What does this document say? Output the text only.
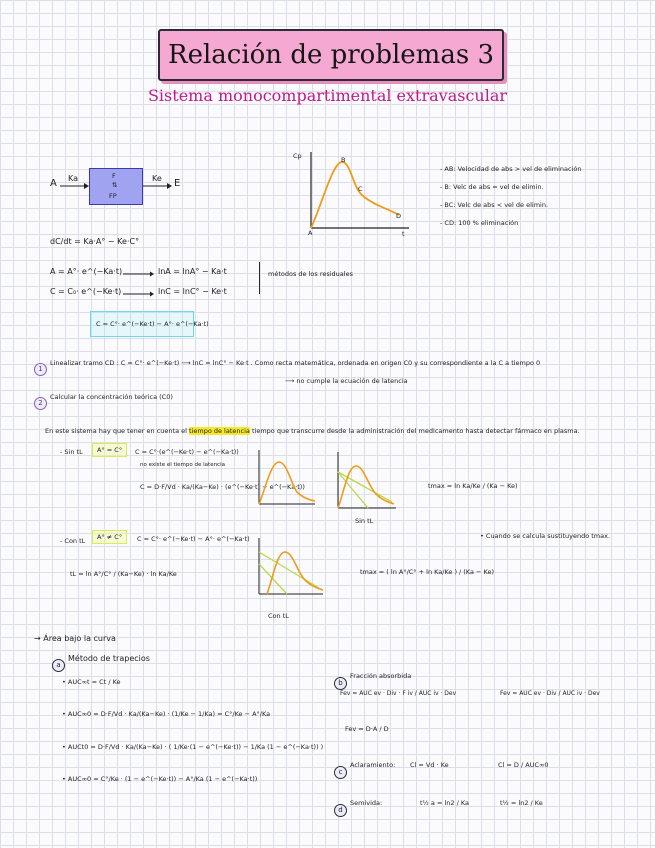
Relación de problemas 3
Sistema monocompartimental extravascular
A Ka	F
⇅
FP
Ke E
Cp
t
A
B
C
D
- AB: Velocidad de abs > vel de eliminación
- B: Velc de abs = vel de elimin.
- BC: Velc de abs < vel de elimin.
- CD: 100 % eliminación
dC/dt = Ka·A° − Ke·C°
A = A°· e^(−Ka·t)	lnA = lnA° − Ka·t
C = C₀· e^(−Ke·t)	lnC = lnC° − Ke·t
métodos de los residuales
C = C°· e^(−Ke·t) − A°· e^(−Ka·t)
1
Linealizar tramo CD : C = C°· e^(−Ke·t) ⟶ lnC = lnC° − Ke·t . Como recta matemática, ordenada en origen C0 y su correspondiente a la C a tiempo 0
⟶ no cumple la ecuación de latencia
2
Calcular la concentración teórica (C0)
En este sistema hay que tener en cuenta el tiempo de latencia tiempo que transcurre desde la administración del medicamento hasta detectar fármaco en plasma.
- Sin tL	A° = C°	C = C°·(e^(−Ke·t) − e^(−Ka·t))
no existe el tiempo de latencia
C = D·F/Vd · Ka/(Ka−Ke) · (e^(−Ke·t) − e^(−Ka·t))
Sin tL
tmax = ln Ka/Ke / (Ka − Ke)
- Con tL	A° ≠ C°	C = C°· e^(−Ke·t) − A°· e^(−Ka·t)
tL = ln A°/C° / (Ka−Ke) · ln Ka/Ke
Con tL
tmax = ( ln A°/C° + ln Ka/Ke ) / (Ka − Ke)
• Cuando se calcula sustituyendo tmax.
→ Área bajo la curva
a
Método de trapecios
• AUC∞t = Ct / Ke
• AUC∞0 = D·F/Vd · Ka/(Ka−Ke) · (1/Ke − 1/Ka) = C°/Ke − A°/Ka
• AUCt0 = D·F/Vd · Ka/(Ka−Ke) · ( 1/Ke·(1 − e^(−Ke·t)) − 1/Ka (1 − e^(−Ka·t)) )
• AUC∞0 = C°/Ke · (1 − e^(−Ke·t)) − A°/Ka (1 − e^(−Ka·t))
b
Fracción absorbida
Fev = AUC ev · Div · F iv / AUC iv · Dev	Fev = AUC ev · Div / AUC iv · Dev
Fev = D·A / D
c
Aclaramiento: Cl = Vd · Ke	Cl = D / AUC∞0
d
Semivida:	t½ a = ln2 / Ka	t½ = ln2 / Ke
